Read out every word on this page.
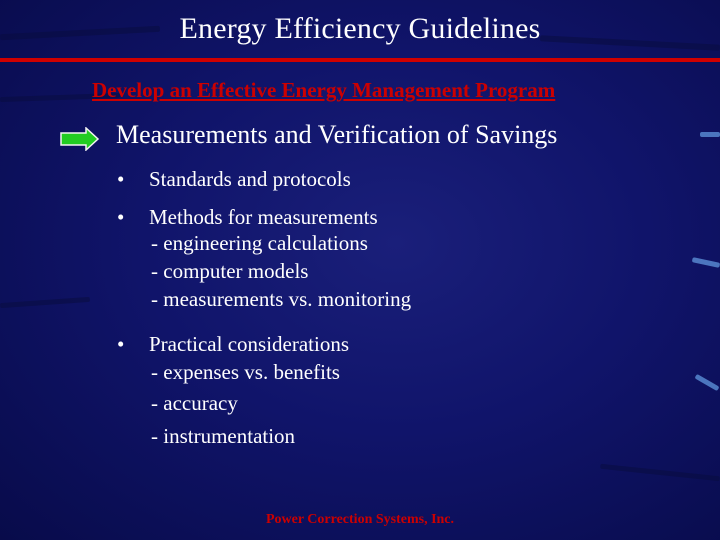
Energy Efficiency Guidelines
Develop an Effective Energy Management Program
Measurements and Verification of Savings
• Standards and protocols
• Methods for measurements
- engineering calculations
- computer models
- measurements vs. monitoring
• Practical considerations
- expenses vs. benefits
- accuracy
- instrumentation
Power Correction Systems, Inc.
